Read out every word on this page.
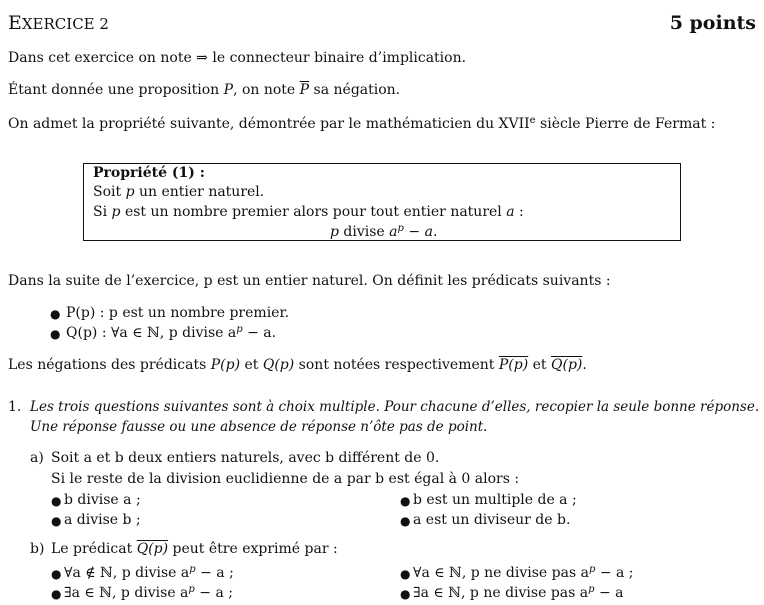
EXERCICE 2	5 points
Dans cet exercice on note ⇒ le connecteur binaire d’implication.
Étant donnée une proposition P, on note $\overline{P}$ sa négation.
On admet la propriété suivante, démontrée par le mathématicien du XVIIe siècle Pierre de Fermat :
Propriété (1) :
Soit p un entier naturel.
Si p est un nombre premier alors pour tout entier naturel a :
p divise $a^p - a$.
Dans la suite de l’exercice, p est un entier naturel. On définit les prédicats suivants :
● P(p) : p est un nombre premier.
● Q(p) : ∀a ∈ ℕ, p divise $a^p - a$.
Les négations des prédicats P(p) et Q(p) sont notées respectivement P(p) et Q(p).
1. Les trois questions suivantes sont à choix multiple. Pour chacune d’elles, recopier la seule bonne réponse.
Une réponse fausse ou une absence de réponse n’ôte pas de point.
a) Soit a et b deux entiers naturels, avec b différent de 0.
Si le reste de la division euclidienne de a par b est égal à 0 alors :
● b divise a ;	● b est un multiple de a ;
● a divise b ;	● a est un diviseur de b.
b) Le prédicat Q(p) peut être exprimé par :
● ∀a ∉ ℕ, p divise $a^p - a$ ;	● ∀a ∈ ℕ, p ne divise pas $a^p - a$ ;
● ∃a ∈ ℕ, p divise $a^p - a$ ;	● ∃a ∈ ℕ, p ne divise pas $a^p - a$
